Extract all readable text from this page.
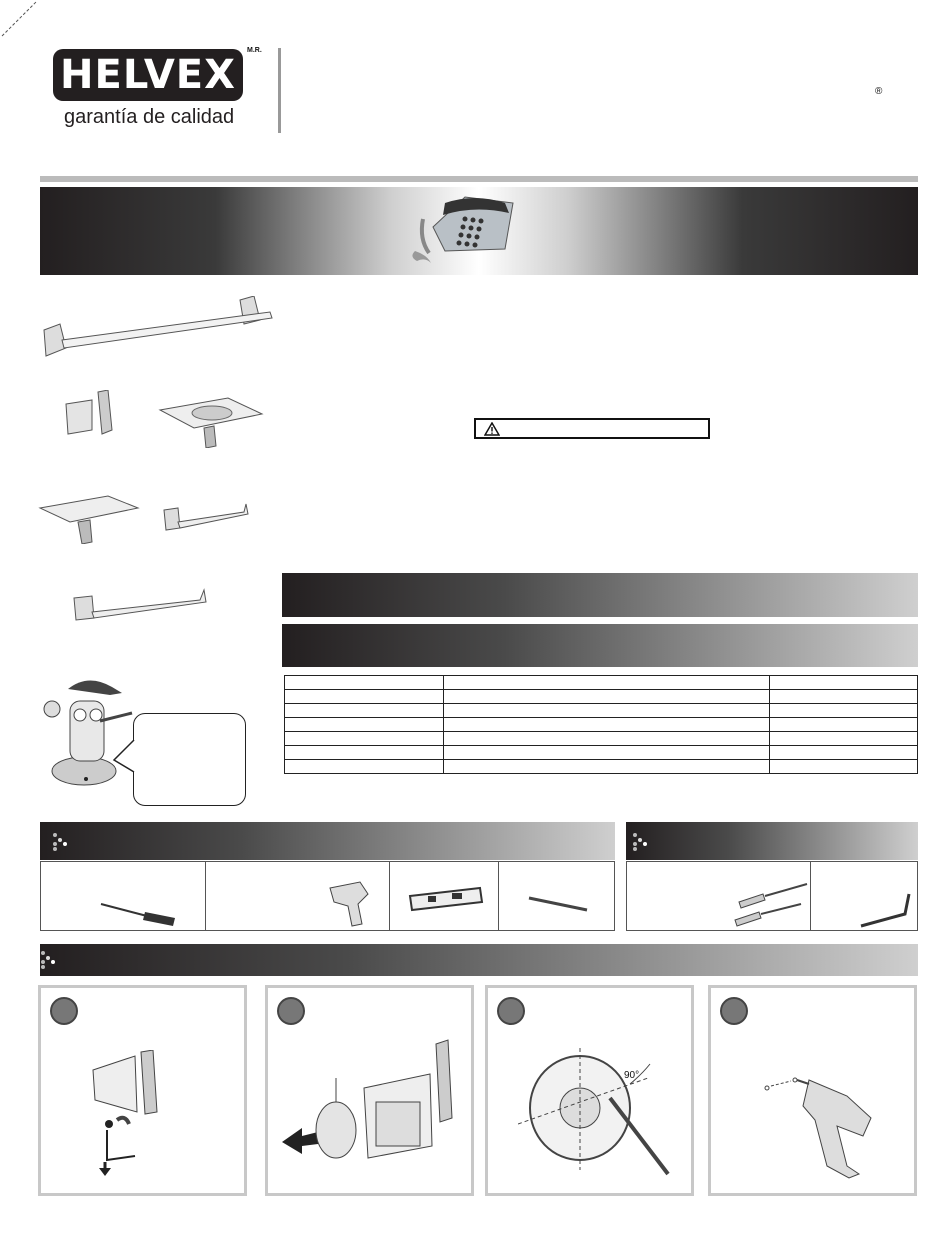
HELVEX
M.R.
garantía de calidad
®

90°
